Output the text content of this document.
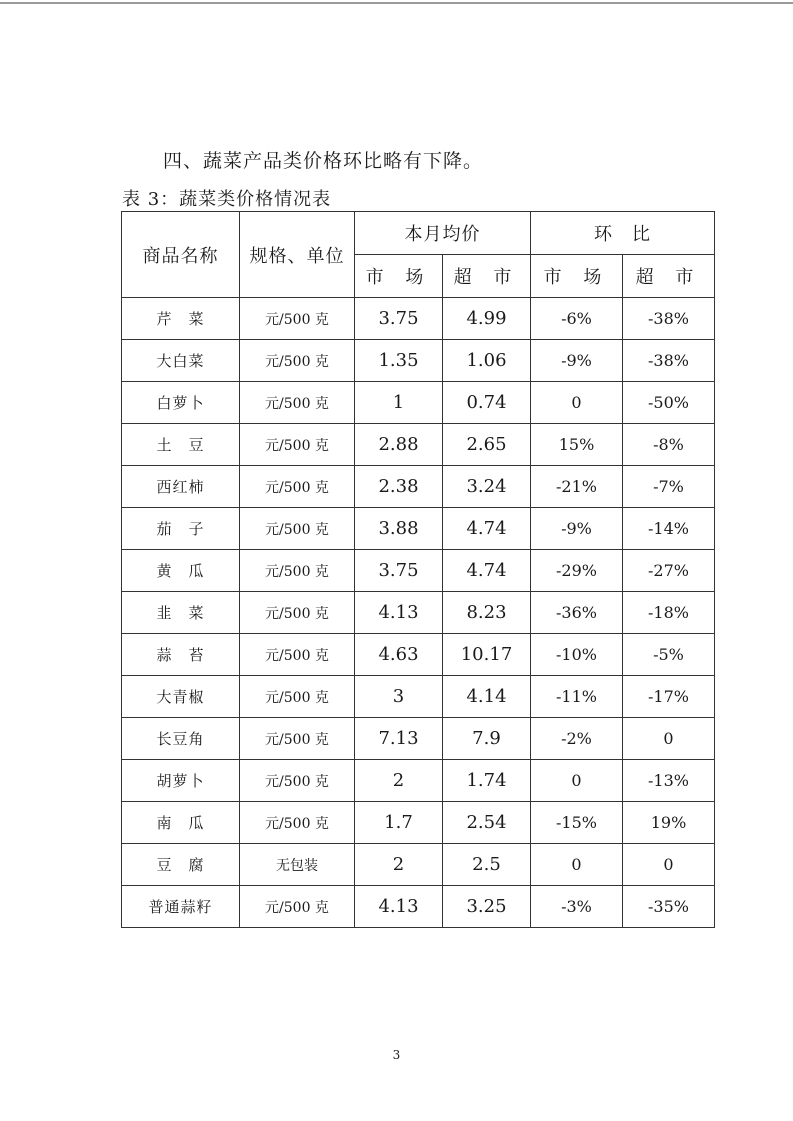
四、蔬菜产品类价格环比略有下降。
表 3：蔬菜类价格情况表
商品名称	规格、单位	本月均价		环　比	
		市 场	超 市	市 场	超 市
芹　菜	元/500 克	3.75	4.99	-6%	-38%
大白菜	元/500 克	1.35	1.06	-9%	-38%
白萝卜	元/500 克	1	0.74	0	-50%
土　豆	元/500 克	2.88	2.65	15%	-8%
西红柿	元/500 克	2.38	3.24	-21%	-7%
茄　子	元/500 克	3.88	4.74	-9%	-14%
黄　瓜	元/500 克	3.75	4.74	-29%	-27%
韭　菜	元/500 克	4.13	8.23	-36%	-18%
蒜　苔	元/500 克	4.63	10.17	-10%	-5%
大青椒	元/500 克	3	4.14	-11%	-17%
长豆角	元/500 克	7.13	7.9	-2%	0
胡萝卜	元/500 克	2	1.74	0	-13%
南　瓜	元/500 克	1.7	2.54	-15%	19%
豆　腐	无包装	2	2.5	0	0
普通蒜籽	元/500 克	4.13	3.25	-3%	-35%
3
